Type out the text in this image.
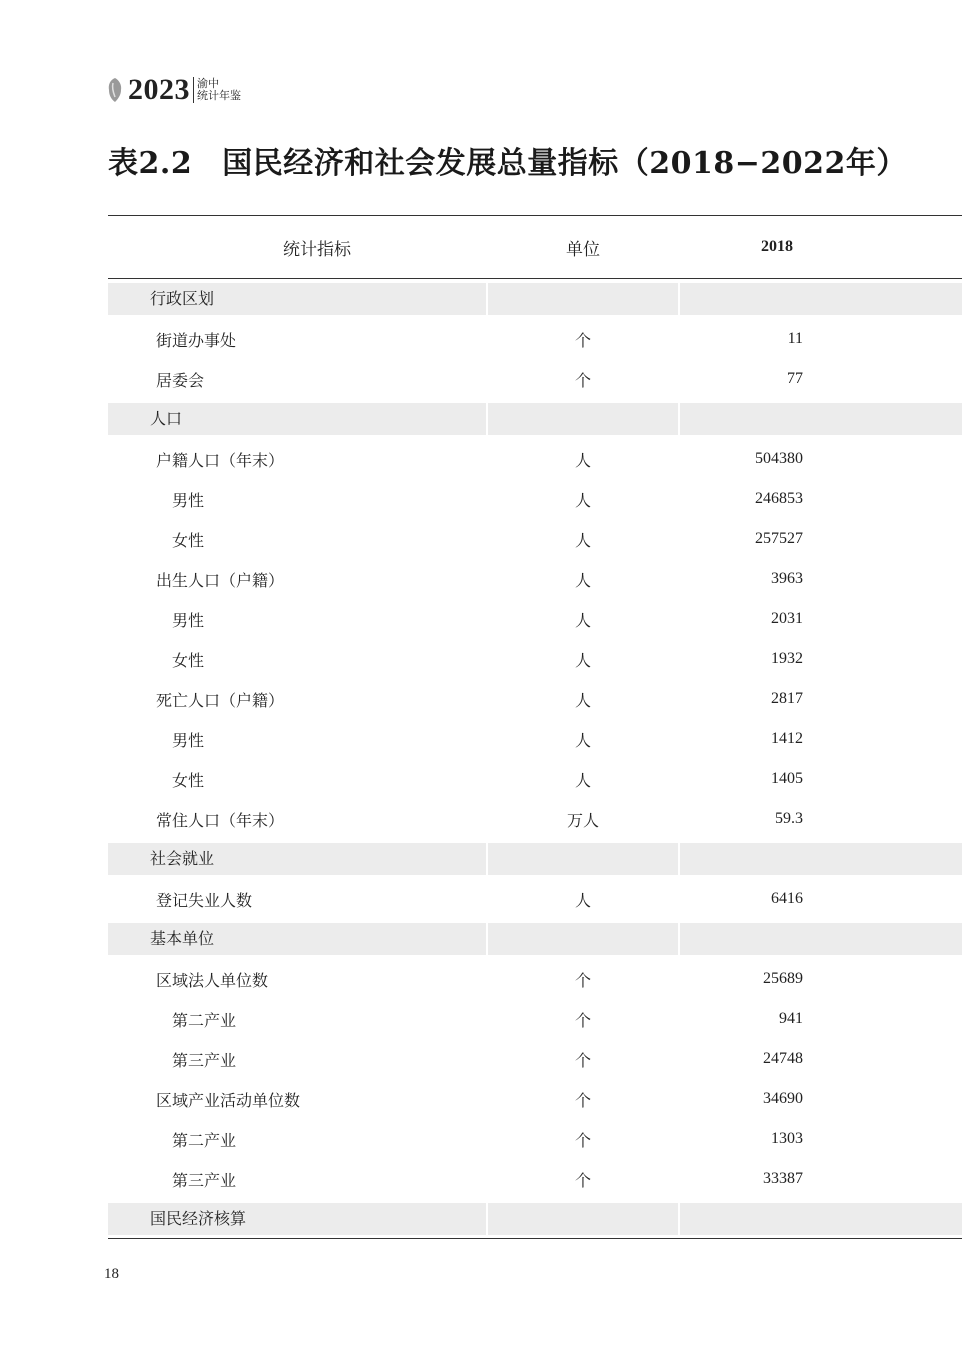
2023 渝中
统计年鉴
表2.2 国民经济和社会发展总量指标（2018−2022年）
统计指标	单位	2018
行政区划
街道办事处	个	11
居委会	个	77
人口
户籍人口（年末）	人	504380
男性	人	246853
女性	人	257527
出生人口（户籍）	人	3963
男性	人	2031
女性	人	1932
死亡人口（户籍）	人	2817
男性	人	1412
女性	人	1405
常住人口（年末）	万人	59.3
社会就业
登记失业人数	人	6416
基本单位
区域法人单位数	个	25689
第二产业	个	941
第三产业	个	24748
区域产业活动单位数	个	34690
第二产业	个	1303
第三产业	个	33387
国民经济核算
18
